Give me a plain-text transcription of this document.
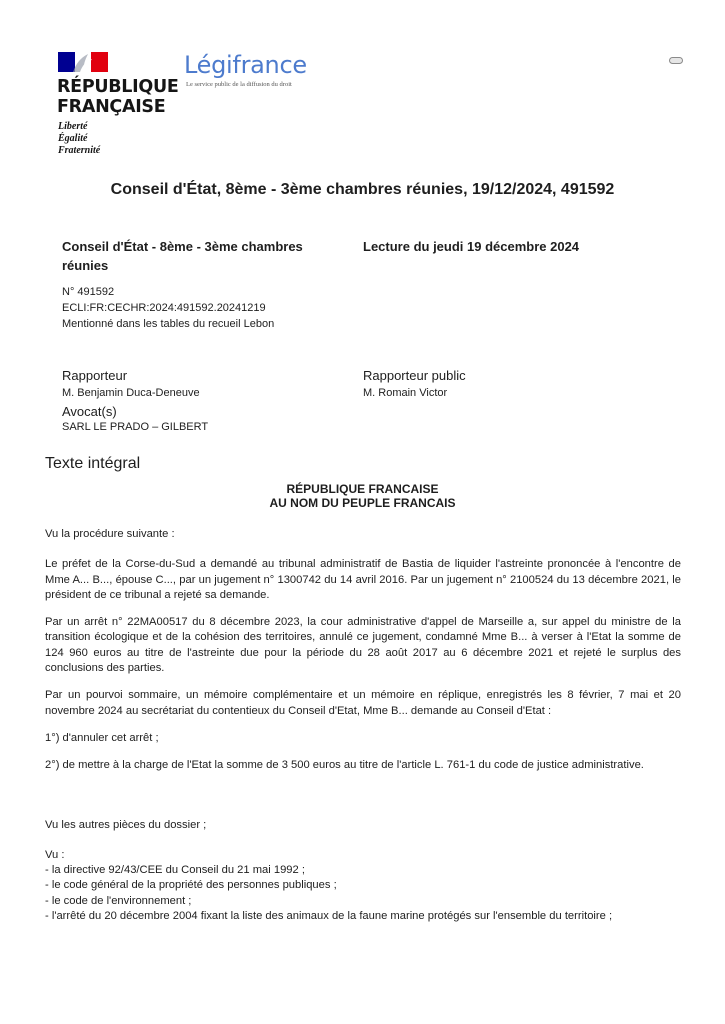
RÉPUBLIQUE
FRANÇAISE
Liberté
Égalité
Fraternité
Légifrance
Le service public de la diffusion du droit
Conseil d'État, 8ème - 3ème chambres réunies, 19/12/2024, 491592
Conseil d'État - 8ème - 3ème chambres
réunies
Lecture du jeudi 19 décembre 2024
N° 491592
ECLI:FR:CECHR:2024:491592.20241219
Mentionné dans les tables du recueil Lebon
Rapporteur
M. Benjamin Duca-Deneuve
Rapporteur public
M. Romain Victor
Avocat(s)
SARL LE PRADO – GILBERT
Texte intégral
RÉPUBLIQUE FRANCAISE
AU NOM DU PEUPLE FRANCAIS

Vu la procédure suivante :

Le préfet de la Corse-du-Sud a demandé au tribunal administratif de Bastia de liquider l'astreinte prononcée à l'encontre de Mme A... B..., épouse C..., par un jugement n° 1300742 du 14 avril 2016. Par un jugement n° 2100524 du 13 décembre 2021, le président de ce tribunal a rejeté sa demande.

Par un arrêt n° 22MA00517 du 8 décembre 2023, la cour administrative d'appel de Marseille a, sur appel du ministre de la transition écologique et de la cohésion des territoires, annulé ce jugement, condamné Mme B... à verser à l'Etat la somme de 124 960 euros au titre de l'astreinte due pour la période du 28 août 2017 au 6 décembre 2021 et rejeté le surplus des conclusions des parties.

Par un pourvoi sommaire, un mémoire complémentaire et un mémoire en réplique, enregistrés les 8 février, 7 mai et 20 novembre 2024 au secrétariat du contentieux du Conseil d'Etat, Mme B... demande au Conseil d'Etat :

1°) d'annuler cet arrêt ;

2°) de mettre à la charge de l'Etat la somme de 3 500 euros au titre de l'article L. 761-1 du code de justice administrative.

Vu les autres pièces du dossier ;

Vu :

- la directive 92/43/CEE du Conseil du 21 mai 1992 ;

- le code général de la propriété des personnes publiques ;

- le code de l'environnement ;

- l'arrêté du 20 décembre 2004 fixant la liste des animaux de la faune marine protégés sur l'ensemble du territoire ;
